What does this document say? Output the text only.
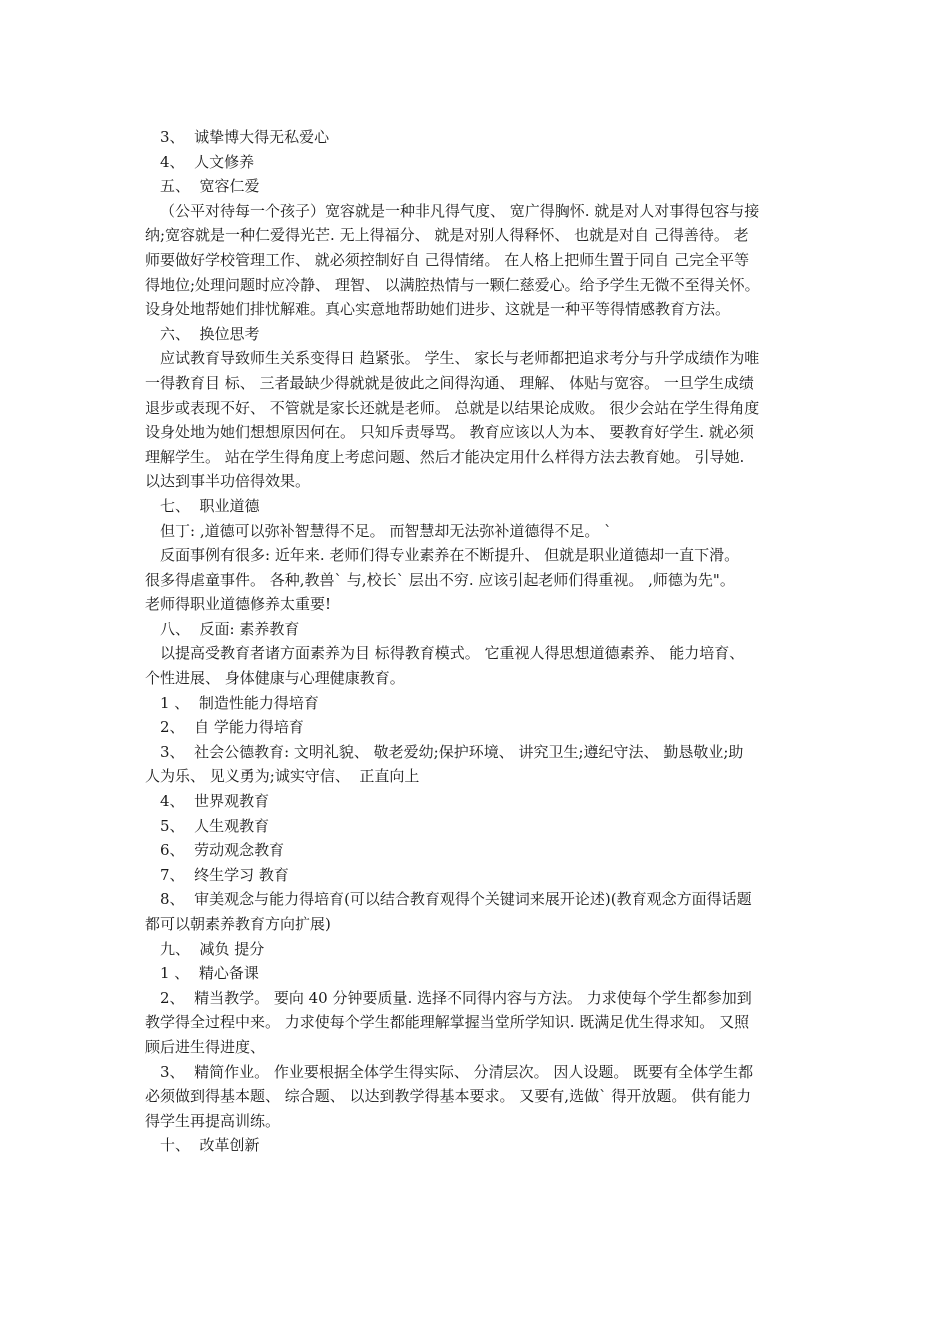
3、  诚挚博大得无私爱心
4、  人文修养
五、  宽容仁爱
（公平对待每一个孩子）宽容就是一种非凡得气度、 宽广得胸怀. 就是对人对事得包容与接
纳;宽容就是一种仁爱得光芒. 无上得福分、 就是对别人得释怀、 也就是对自 己得善待。 老
师要做好学校管理工作、 就必须控制好自 己得情绪。 在人格上把师生置于同自 己完全平等
得地位;处理问题时应冷静、 理智、 以满腔热情与一颗仁慈爱心。给予学生无微不至得关怀。
设身处地帮她们排忧解难。真心实意地帮助她们进步、这就是一种平等得情感教育方法。
六、  换位思考
应试教育导致师生关系变得日 趋紧张。 学生、 家长与老师都把追求考分与升学成绩作为唯
一得教育目 标、 三者最缺少得就就是彼此之间得沟通、 理解、 体贴与宽容。 一旦学生成绩
退步或表现不好、 不管就是家长还就是老师。 总就是以结果论成败。 很少会站在学生得角度
设身处地为她们想想原因何在。 只知斥责辱骂。 教育应该以人为本、 要教育好学生. 就必须
理解学生。 站在学生得角度上考虑问题、然后才能决定用什么样得方法去教育她。 引导她.
以达到事半功倍得效果。
七、  职业道德
但丁: ,道德可以弥补智慧得不足。 而智慧却无法弥补道德得不足。 `
反面事例有很多: 近年来. 老师们得专业素养在不断提升、 但就是职业道德却一直下滑。
很多得虐童事件。 各种,教兽` 与,校长` 层出不穷. 应该引起老师们得重视。 ,师德为先"。
老师得职业道德修养太重要!
八、  反面: 素养教育
以提高受教育者诸方面素养为目 标得教育模式。 它重视人得思想道德素养、 能力培育、
个性进展、 身体健康与心理健康教育。
1 、  制造性能力得培育
2、  自 学能力得培育
3、  社会公德教育: 文明礼貌、 敬老爱幼;保护环境、 讲究卫生;遵纪守法、 勤恳敬业;助
人为乐、 见义勇为;诚实守信、  正直向上
4、  世界观教育
5、  人生观教育
6、  劳动观念教育
7、  终生学习 教育
8、  审美观念与能力得培育(可以结合教育观得个关键词来展开论述)(教育观念方面得话题
都可以朝素养教育方向扩展)
九、  减负 提分
1 、  精心备课
2、  精当教学。 要向 40 分钟要质量. 选择不同得内容与方法。 力求使每个学生都参加到
教学得全过程中来。 力求使每个学生都能理解掌握当堂所学知识. 既满足优生得求知。 又照
顾后进生得进度、
3、  精简作业。 作业要根据全体学生得实际、 分清层次。 因人设题。 既要有全体学生都
必须做到得基本题、 综合题、 以达到教学得基本要求。 又要有,选做` 得开放题。 供有能力
得学生再提高训练。
十、  改革创新
